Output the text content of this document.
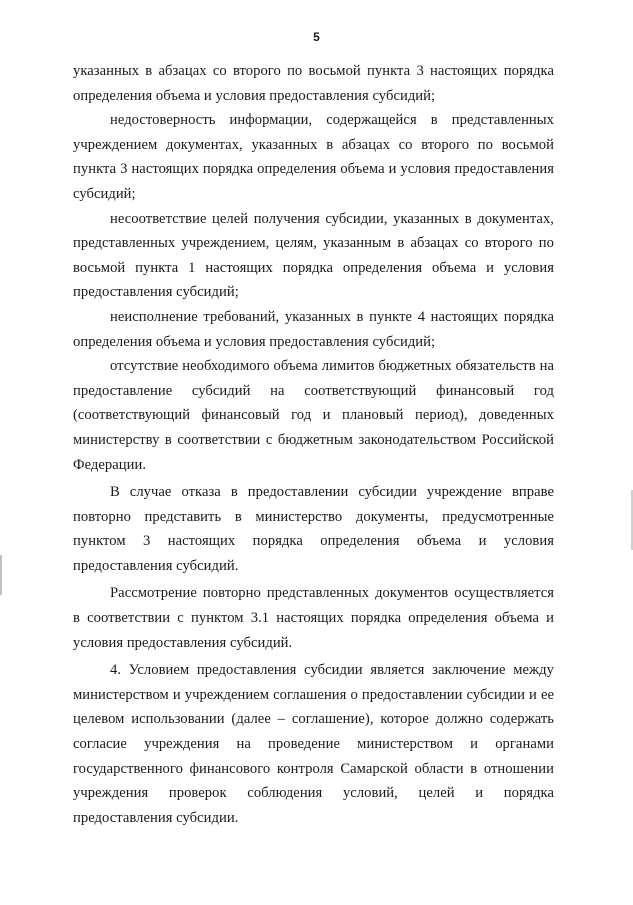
5

указанных в абзацах со второго по восьмой пункта 3 настоящих порядка определения объема и условия предоставления субсидий;

недостоверность информации, содержащейся в представленных учреждением документах, указанных в абзацах со второго по восьмой пункта 3 настоящих порядка определения объема и условия предоставления субсидий;

несоответствие целей получения субсидии, указанных в документах, представленных учреждением, целям, указанным в абзацах со второго по восьмой пункта 1 настоящих порядка определения объема и условия предоставления субсидий;

неисполнение требований, указанных в пункте 4 настоящих порядка определения объема и условия предоставления субсидий;

отсутствие необходимого объема лимитов бюджетных обязательств на предоставление субсидий на соответствующий финансовый год (соответствующий финансовый год и плановый период), доведенных министерству в соответствии с бюджетным законодательством Российской Федерации.

В случае отказа в предоставлении субсидии учреждение вправе повторно представить в министерство документы, предусмотренные пунктом 3 настоящих порядка определения объема и условия предоставления субсидий.

Рассмотрение повторно представленных документов осуществляется в соответствии с пунктом 3.1 настоящих порядка определения объема и условия предоставления субсидий.

4. Условием предоставления субсидии является заключение между министерством и учреждением соглашения о предоставлении субсидии и ее целевом использовании (далее – соглашение), которое должно содержать согласие учреждения на проведение министерством и органами государственного финансового контроля Самарской области в отношении учреждения проверок соблюдения условий, целей и порядка предоставления субсидии.
